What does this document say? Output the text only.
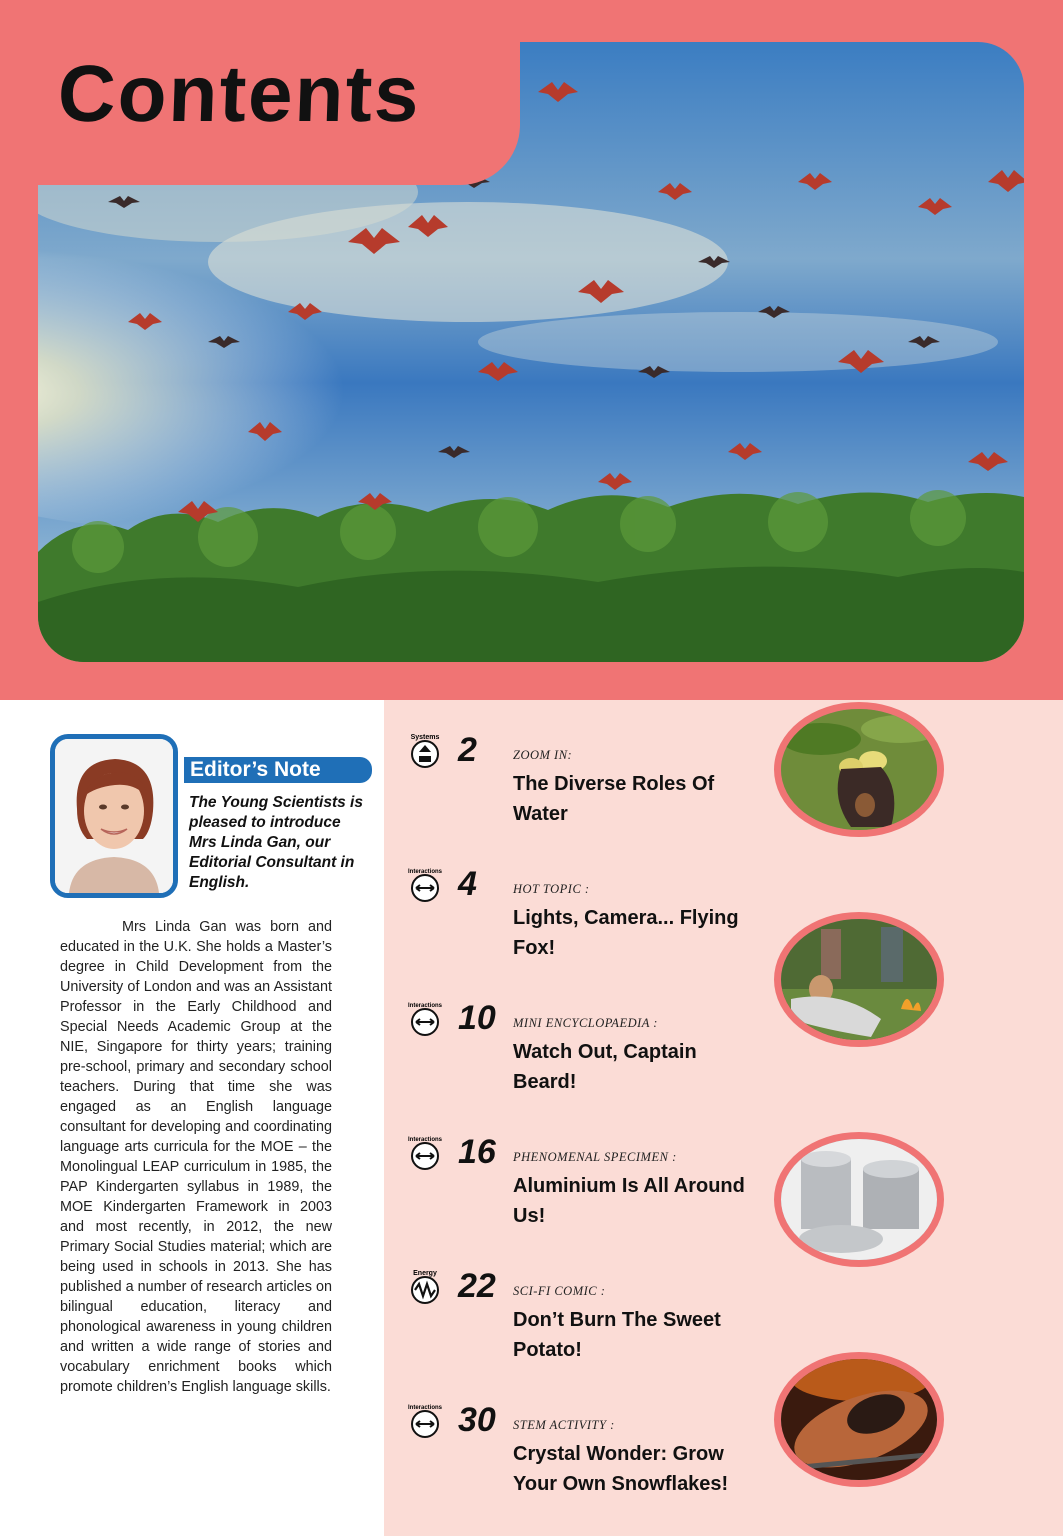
Contents
Editor’s Note

The Young Scientists is pleased to introduce Mrs Linda Gan, our Editorial Consultant in English.

Mrs Linda Gan was born and educated in the U.K. She holds a Master’s degree in Child Development from the University of London and was an Assistant Professor in the Early Childhood and Special Needs Academic Group at the NIE, Singapore for thirty years; training pre-school, primary and secondary school teachers. During that time she was engaged as an English language consultant for developing and coordinating language arts curricula for the MOE – the Monolingual LEAP curriculum in 1985, the PAP Kindergarten syllabus in 1989, the MOE Kindergarten Framework in 2003 and most recently, in 2012, the new Primary Social Studies material; which are being used in schools in 2013. She has published a number of research articles on bilingual education, literacy and phonological awareness in young children and written a wide range of stories and vocabulary enrichment books which promote children’s English language skills.

Systems 2	ZOOM IN:
The Diverse Roles Of Water
Interactions 4	HOT TOPIC :
Lights, Camera... Flying Fox!
Interactions 10 MINI ENCYCLOPAEDIA :
Watch Out, Captain Beard!
Interactions 16 PHENOMENAL SPECIMEN :
Aluminium Is All Around Us!
Energy 22 SCI-FI COMIC :
Don’t Burn The Sweet Potato!
Interactions 30 STEM ACTIVITY :
Crystal Wonder: Grow Your Own Snowflakes!
